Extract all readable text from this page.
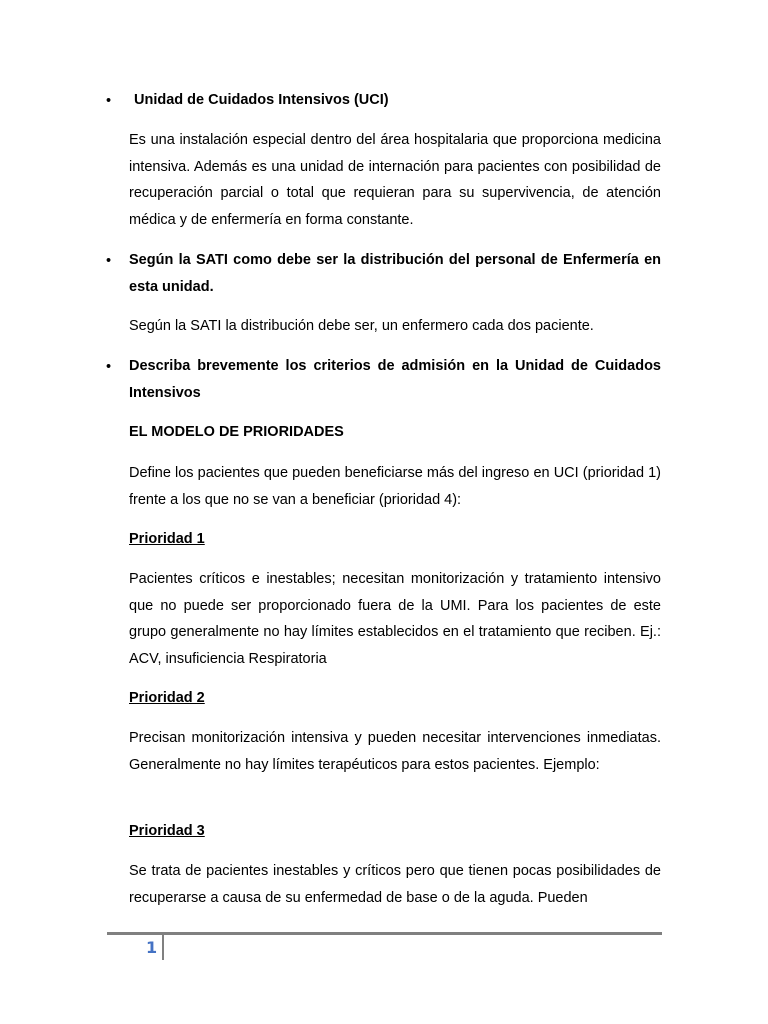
• Unidad de Cuidados Intensivos (UCI)
Es una instalación especial dentro del área hospitalaria que proporciona medicina intensiva. Además es una unidad de internación para pacientes con posibilidad de recuperación parcial o total que requieran para su supervivencia, de atención médica y de enfermería en forma constante.
• Según la SATI como debe ser la distribución del personal de Enfermería en esta unidad.
Según la SATI la distribución debe ser, un enfermero cada dos paciente.
• Describa brevemente los criterios de admisión en la Unidad de Cuidados Intensivos
EL MODELO DE PRIORIDADES
Define los pacientes que pueden beneficiarse más del ingreso en UCI (prioridad 1) frente a los que no se van a beneficiar (prioridad 4):
Prioridad 1
Pacientes críticos e inestables; necesitan monitorización y tratamiento intensivo que no puede ser proporcionado fuera de la UMI. Para los pacientes de este grupo generalmente no hay límites establecidos en el tratamiento que reciben. Ej.: ACV, insuficiencia Respiratoria
Prioridad 2
Precisan monitorización intensiva y pueden necesitar intervenciones inmediatas. Generalmente no hay límites terapéuticos para estos pacientes. Ejemplo:
Prioridad 3
Se trata de pacientes inestables y críticos pero que tienen pocas posibilidades de recuperarse a causa de su enfermedad de base o de la aguda. Pueden
1
